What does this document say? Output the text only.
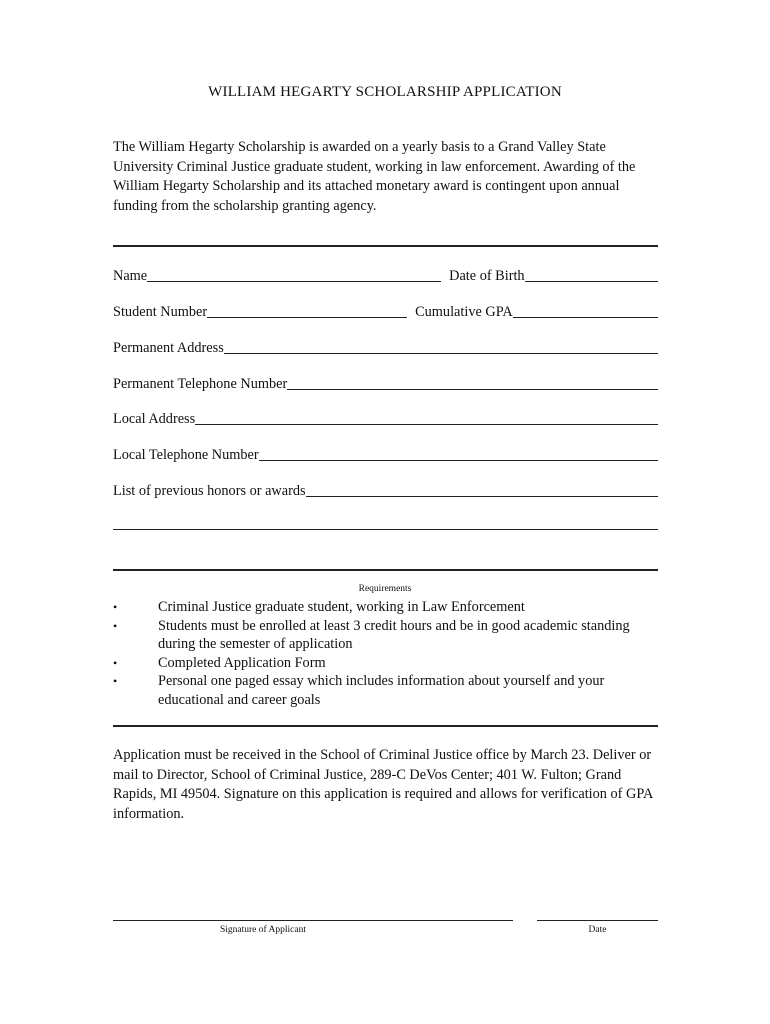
WILLIAM HEGARTY SCHOLARSHIP APPLICATION
The William Hegarty Scholarship is awarded on a yearly basis to a Grand Valley State University Criminal Justice graduate student, working in law enforcement. Awarding of the William Hegarty Scholarship and its attached monetary award is contingent upon annual funding from the scholarship granting agency.
Name	Date of Birth
Student Number	Cumulative GPA
Permanent Address
Permanent Telephone Number
Local Address
Local Telephone Number
List of previous honors or awards
Requirements
•	Criminal Justice graduate student, working in Law Enforcement
•	Students must be enrolled at least 3 credit hours and be in good academic standing during the semester of application
•	Completed Application Form
•	Personal one paged essay which includes information about yourself and your educational and career goals
Application must be received in the School of Criminal Justice office by March 23. Deliver or mail to Director, School of Criminal Justice, 289-C DeVos Center; 401 W. Fulton; Grand Rapids, MI 49504. Signature on this application is required and allows for verification of GPA information.
Signature of Applicant	Date
